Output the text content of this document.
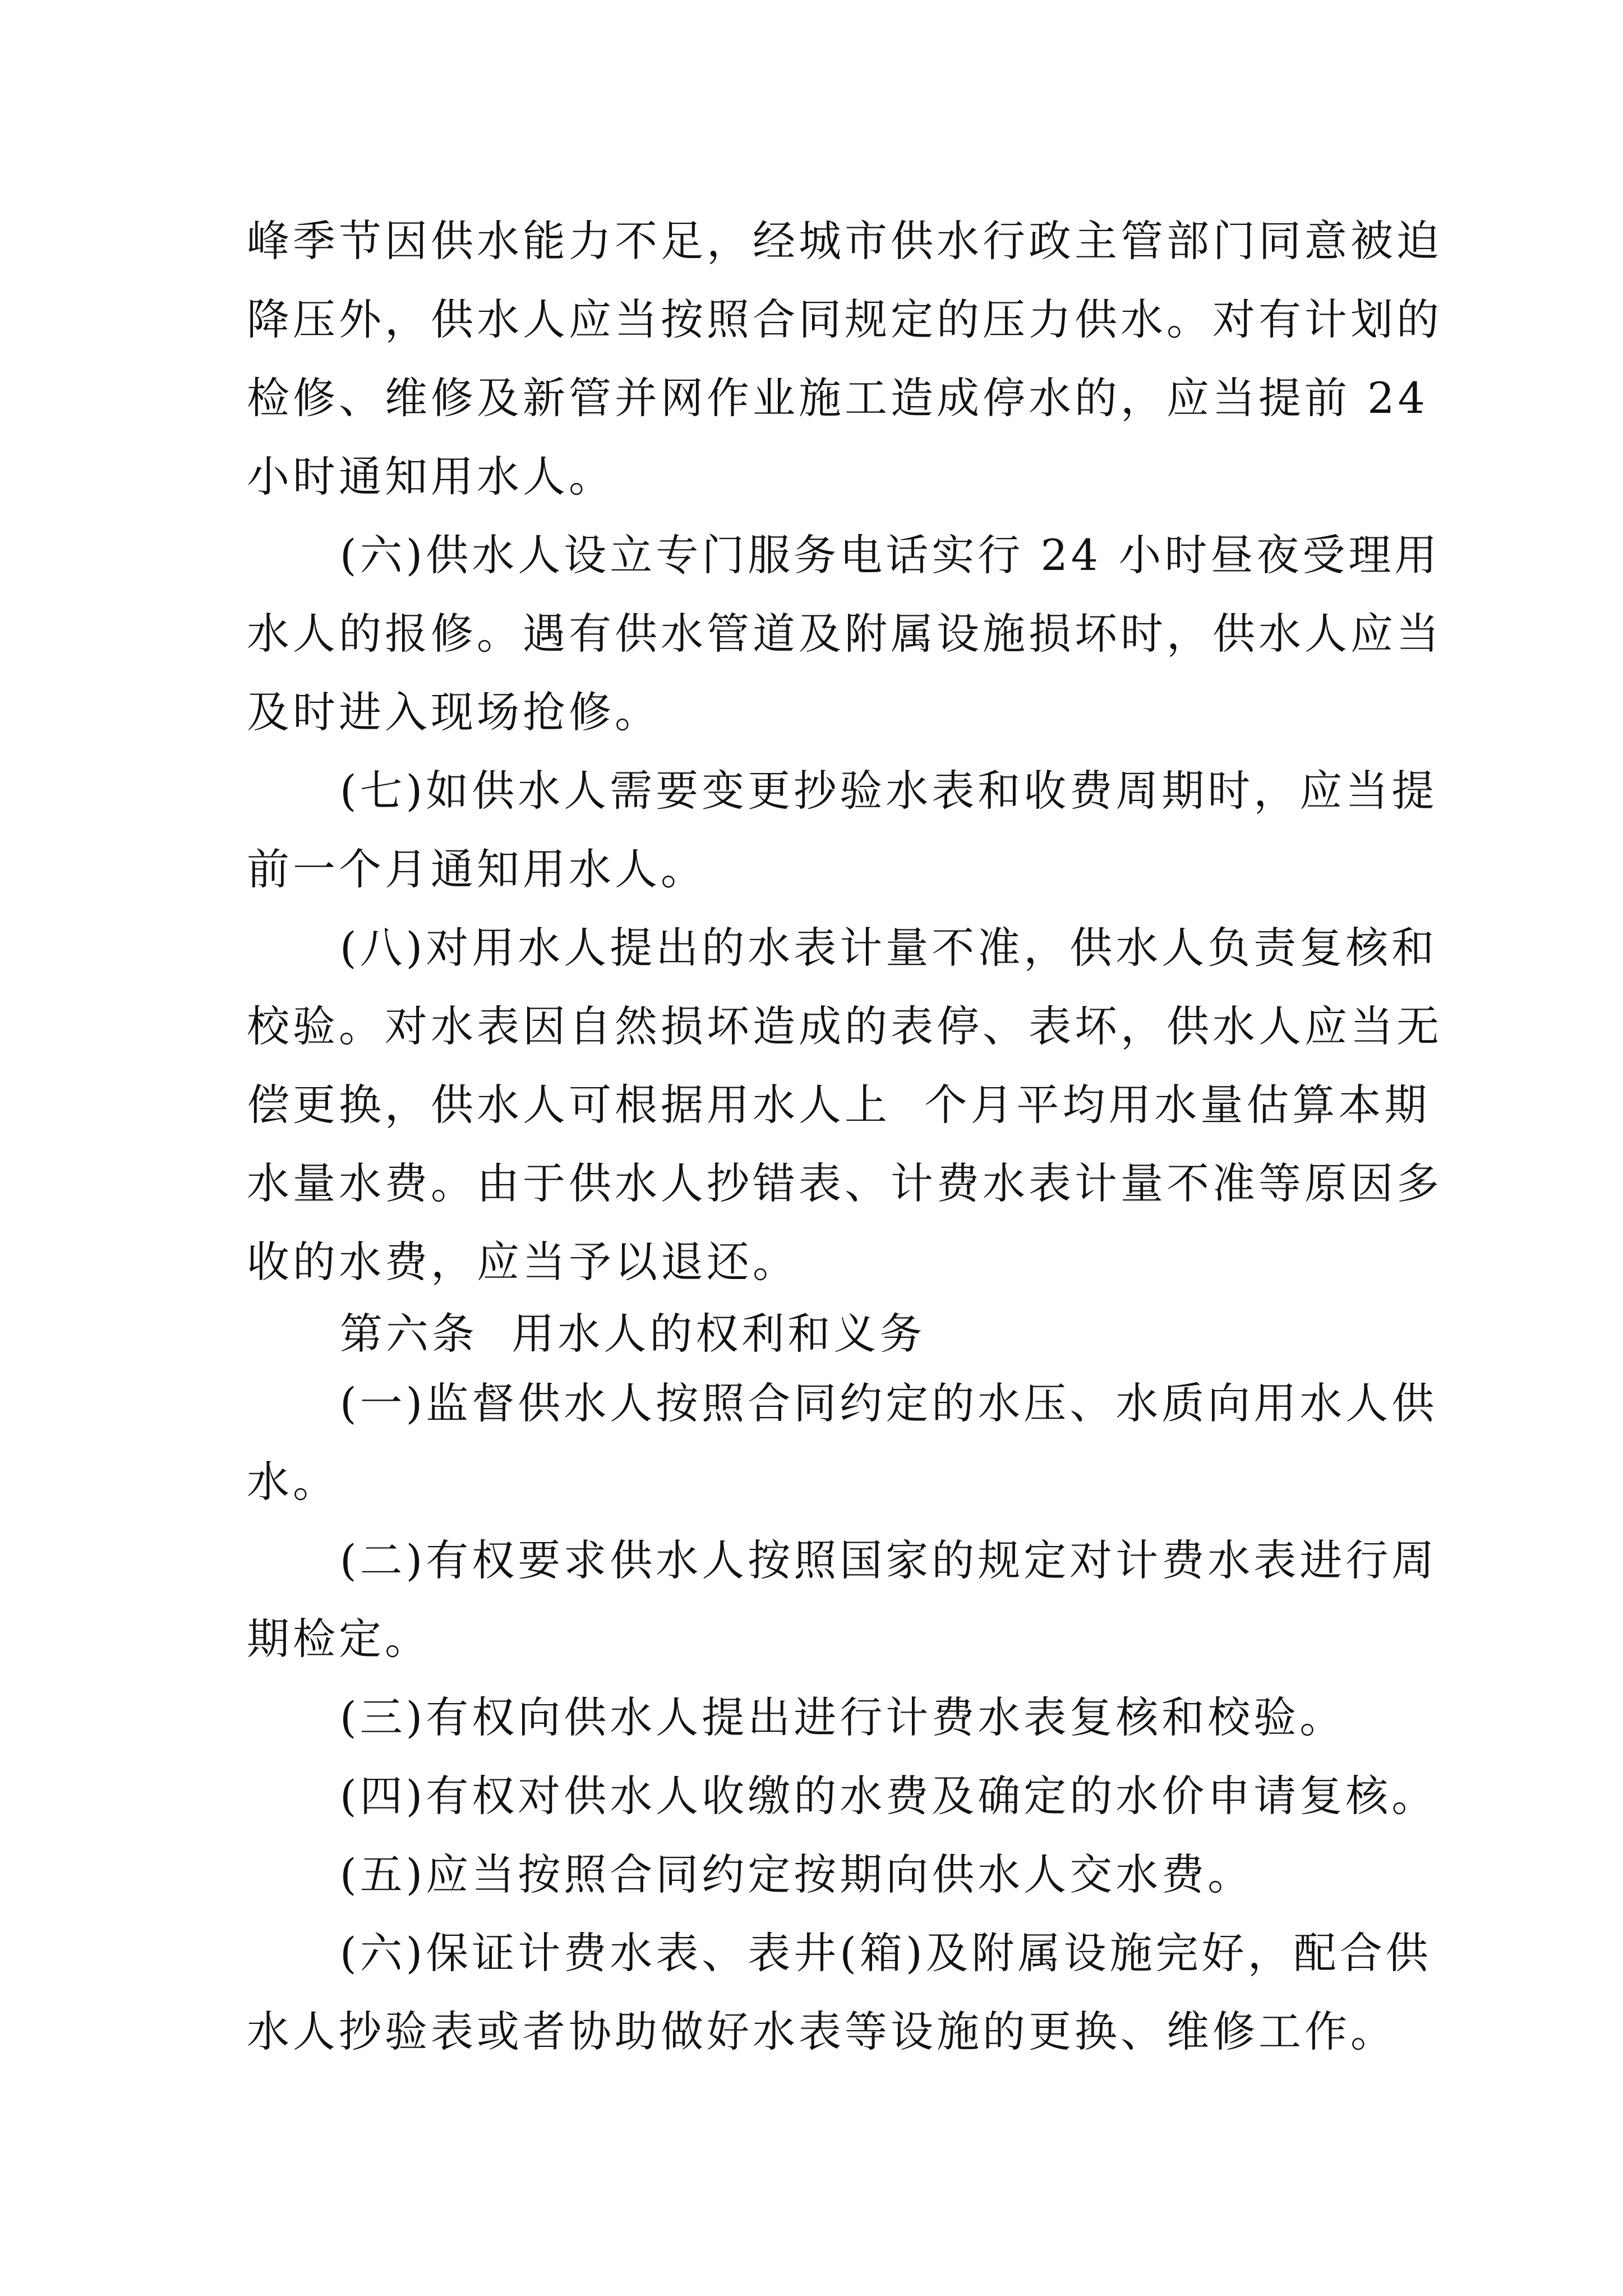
峰季节因供水能力不足，经城市供水行政主管部门同意被迫

降压外，供水人应当按照合同规定的压力供水。对有计划的

检修、维修及新管并网作业施工造成停水的，应当提前 24

小时通知用水人。

(六)供水人设立专门服务电话实行 24 小时昼夜受理用

水人的报修。遇有供水管道及附属设施损坏时，供水人应当

及时进入现场抢修。

(七)如供水人需要变更抄验水表和收费周期时，应当提

前一个月通知用水人。

(八)对用水人提出的水表计量不准，供水人负责复核和

校验。对水表因自然损坏造成的表停、表坏，供水人应当无

偿更换，供水人可根据用水人上  个月平均用水量估算本期

水量水费。由于供水人抄错表、计费水表计量不准等原因多

收的水费，应当予以退还。

第六条  用水人的权利和义务

(一)监督供水人按照合同约定的水压、水质向用水人供

水。

(二)有权要求供水人按照国家的规定对计费水表进行周

期检定。

(三)有权向供水人提出进行计费水表复核和校验。

(四)有权对供水人收缴的水费及确定的水价申请复核。

(五)应当按照合同约定按期向供水人交水费。

(六)保证计费水表、表井(箱)及附属设施完好，配合供

水人抄验表或者协助做好水表等设施的更换、维修工作。
